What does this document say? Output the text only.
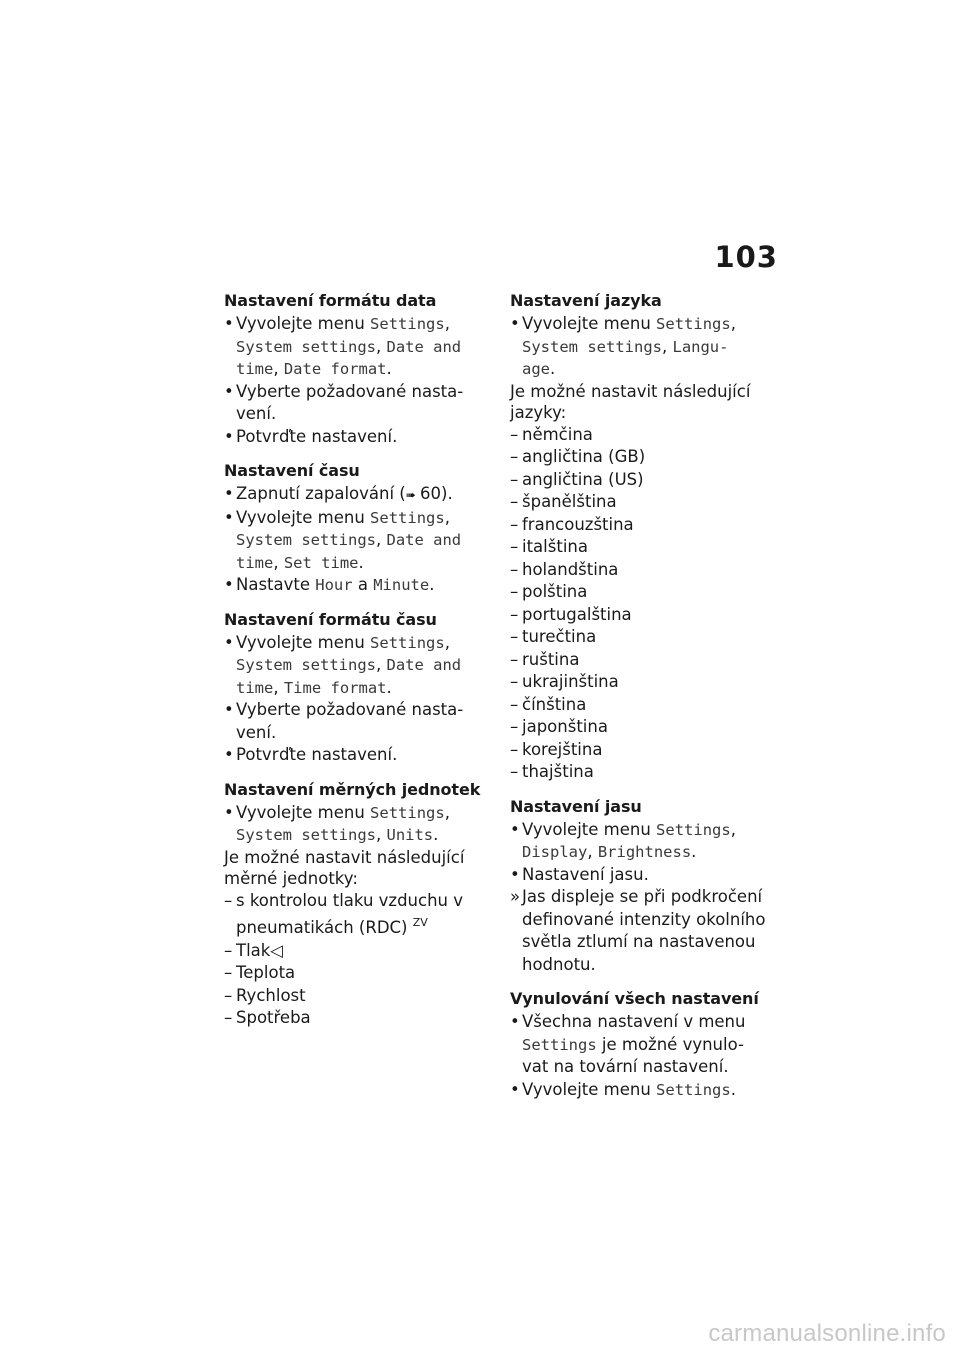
103
Nastavení formátu data
• Vyvolejte menu Settings,
System settings, Date and time, Date format.
• Vyberte požadované nasta-
vení.
• Potvrďte nastavení.
Nastavení času
• Zapnutí zapalování (➠ 60).
• Vyvolejte menu Settings,
System settings, Date and time, Set time.
• Nastavte Hour a Minute.
Nastavení formátu času
• Vyvolejte menu Settings,
System settings, Date and time, Time format.
• Vyberte požadované nasta-
vení.
• Potvrďte nastavení.
Nastavení měrných jednotek
• Vyvolejte menu Settings,
System settings, Units.
Je možné nastavit následující
měrné jednotky:
– s kontrolou tlaku vzduchu v
pneumatikách (RDC) $^{ZV}$
– Tlak◁
– Teplota
– Rychlost
– Spotřeba
Nastavení jazyka
• Vyvolejte menu Settings,
System settings, Langu-
age.
Je možné nastavit následující
jazyky:
– němčina
– angličtina (GB)
– angličtina (US)
– španělština
– francouzština
– italština
– holandština
– polština
– portugalština
– turečtina
– ruština
– ukrajinština
– čínština
– japonština
– korejština
– thajština
Nastavení jasu
• Vyvolejte menu Settings,
Display, Brightness.
• Nastavení jasu.
» Jas displeje se při podkročení
definované intenzity okolního
světla ztlumí na nastavenou
hodnotu.
Vynulování všech nastavení
• Všechna nastavení v menu
Settings je možné vynulo-
vat na tovární nastavení.
• Vyvolejte menu Settings.
carmanualsonline.info
